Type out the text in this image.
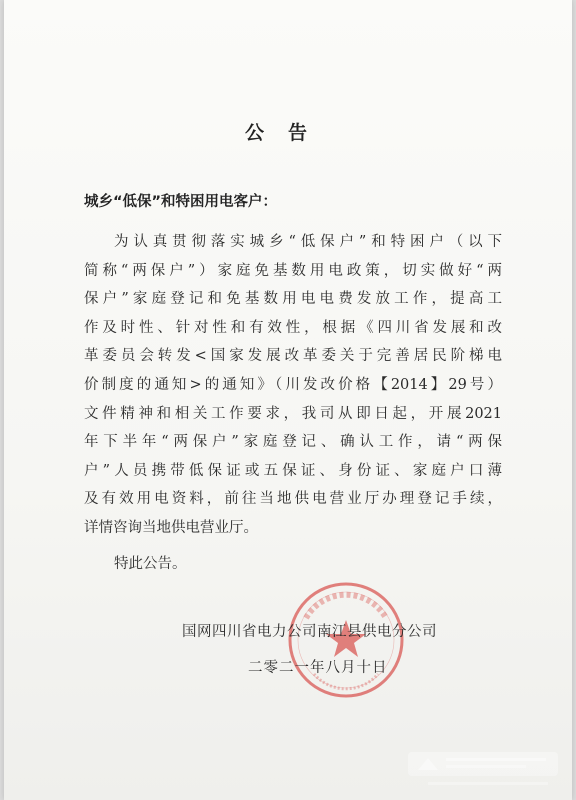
公告
城乡“低保”和特困用电客户：
为认真贯彻落实城乡“低保户”和特困户（以下
简称“两保户”）家庭免基数用电政策，切实做好“两
保户”家庭登记和免基数用电电费发放工作，提高工
作及时性、针对性和有效性，根据《四川省发展和改
革委员会转发<国家发展改革委关于完善居民阶梯电
价制度的通知>的通知》（川发改价格【2014】29号）
文件精神和相关工作要求，我司从即日起，开展2021
年下半年“两保户”家庭登记、确认工作，请“两保
户”人员携带低保证或五保证、身份证、家庭户口薄
及有效用电资料，前往当地供电营业厅办理登记手续，
详情咨询当地供电营业厅。
特此公告。
国网四川省电力公司南江县供电分公司
二零二一年八月十日
